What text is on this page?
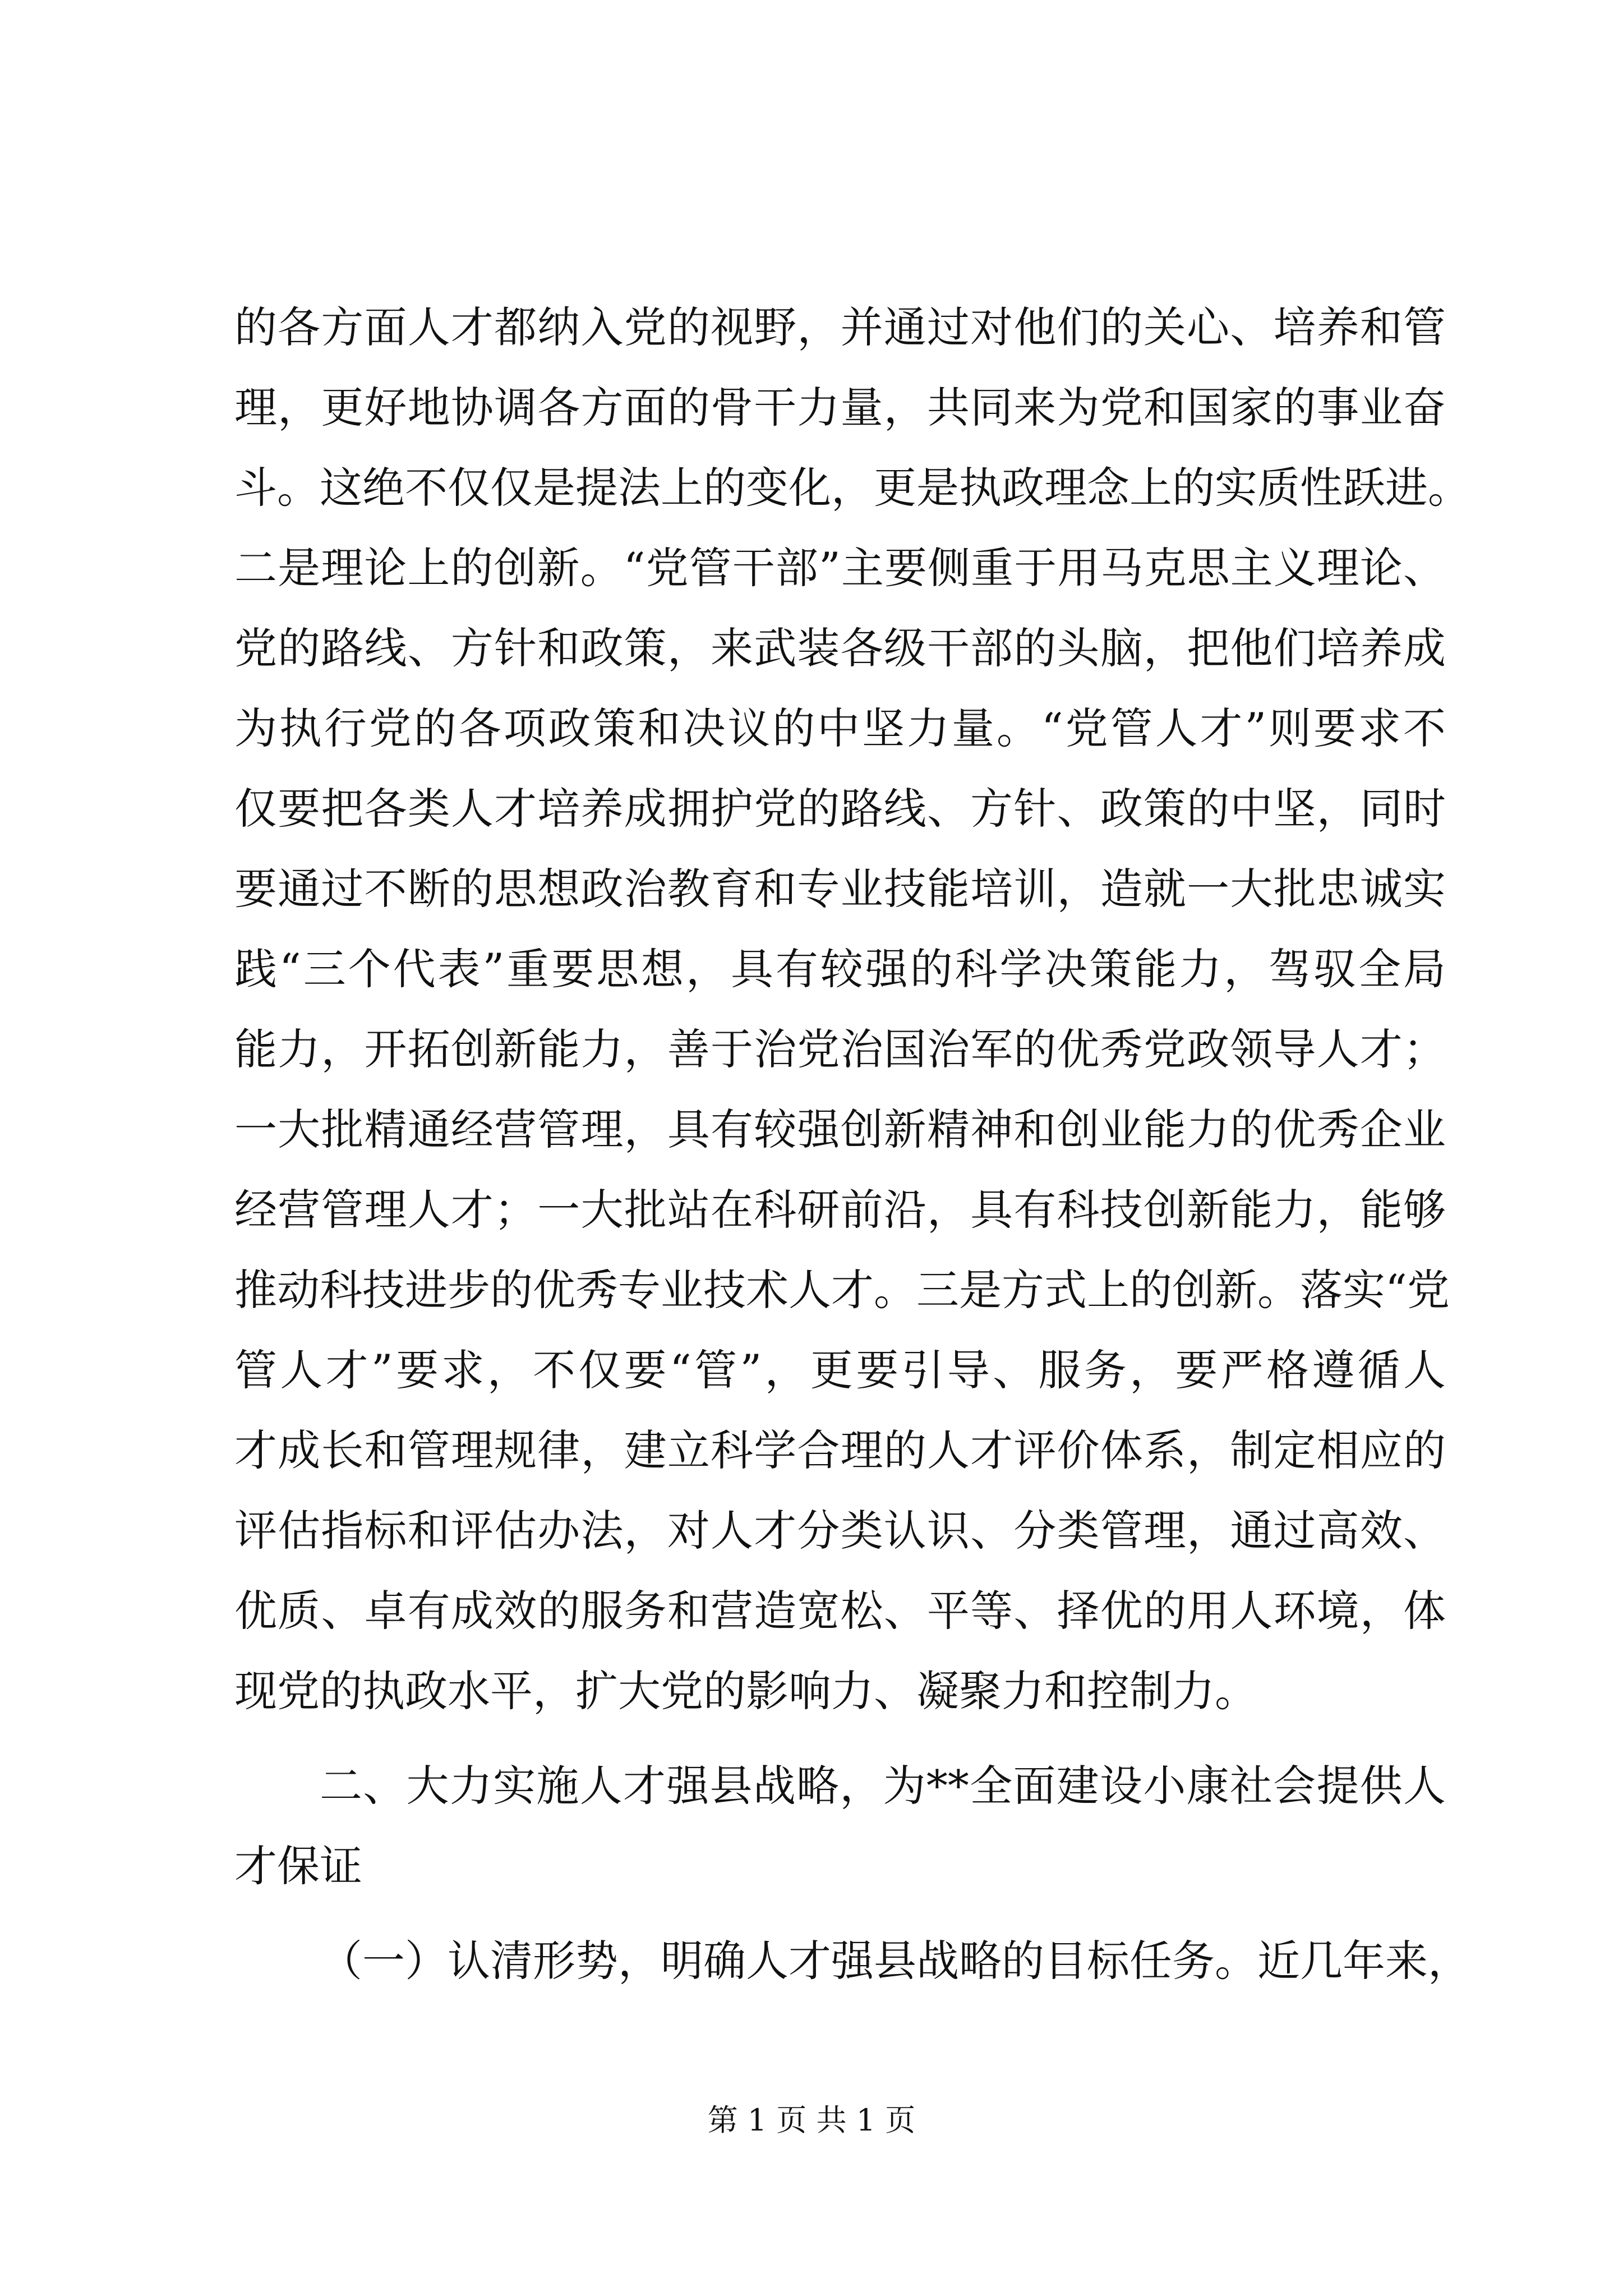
的各方面人才都纳入党的视野，并通过对他们的关心、培养和管
理，更好地协调各方面的骨干力量，共同来为党和国家的事业奋
斗。这绝不仅仅是提法上的变化，更是执政理念上的实质性跃进。
二是理论上的创新。“党管干部”主要侧重于用马克思主义理论、
党的路线、方针和政策，来武装各级干部的头脑，把他们培养成
为执行党的各项政策和决议的中坚力量。“党管人才”则要求不
仅要把各类人才培养成拥护党的路线、方针、政策的中坚，同时
要通过不断的思想政治教育和专业技能培训，造就一大批忠诚实
践“三个代表”重要思想，具有较强的科学决策能力，驾驭全局
能力，开拓创新能力，善于治党治国治军的优秀党政领导人才；
一大批精通经营管理，具有较强创新精神和创业能力的优秀企业
经营管理人才；一大批站在科研前沿，具有科技创新能力，能够
推动科技进步的优秀专业技术人才。三是方式上的创新。落实“党
管人才”要求，不仅要“管”，更要引导、服务，要严格遵循人
才成长和管理规律，建立科学合理的人才评价体系，制定相应的
评估指标和评估办法，对人才分类认识、分类管理，通过高效、
优质、卓有成效的服务和营造宽松、平等、择优的用人环境，体
现党的执政水平，扩大党的影响力、凝聚力和控制力。
二、大力实施人才强县战略，为**全面建设小康社会提供人
才保证
（一）认清形势，明确人才强县战略的目标任务。近几年来，
第 1 页 共 1 页
